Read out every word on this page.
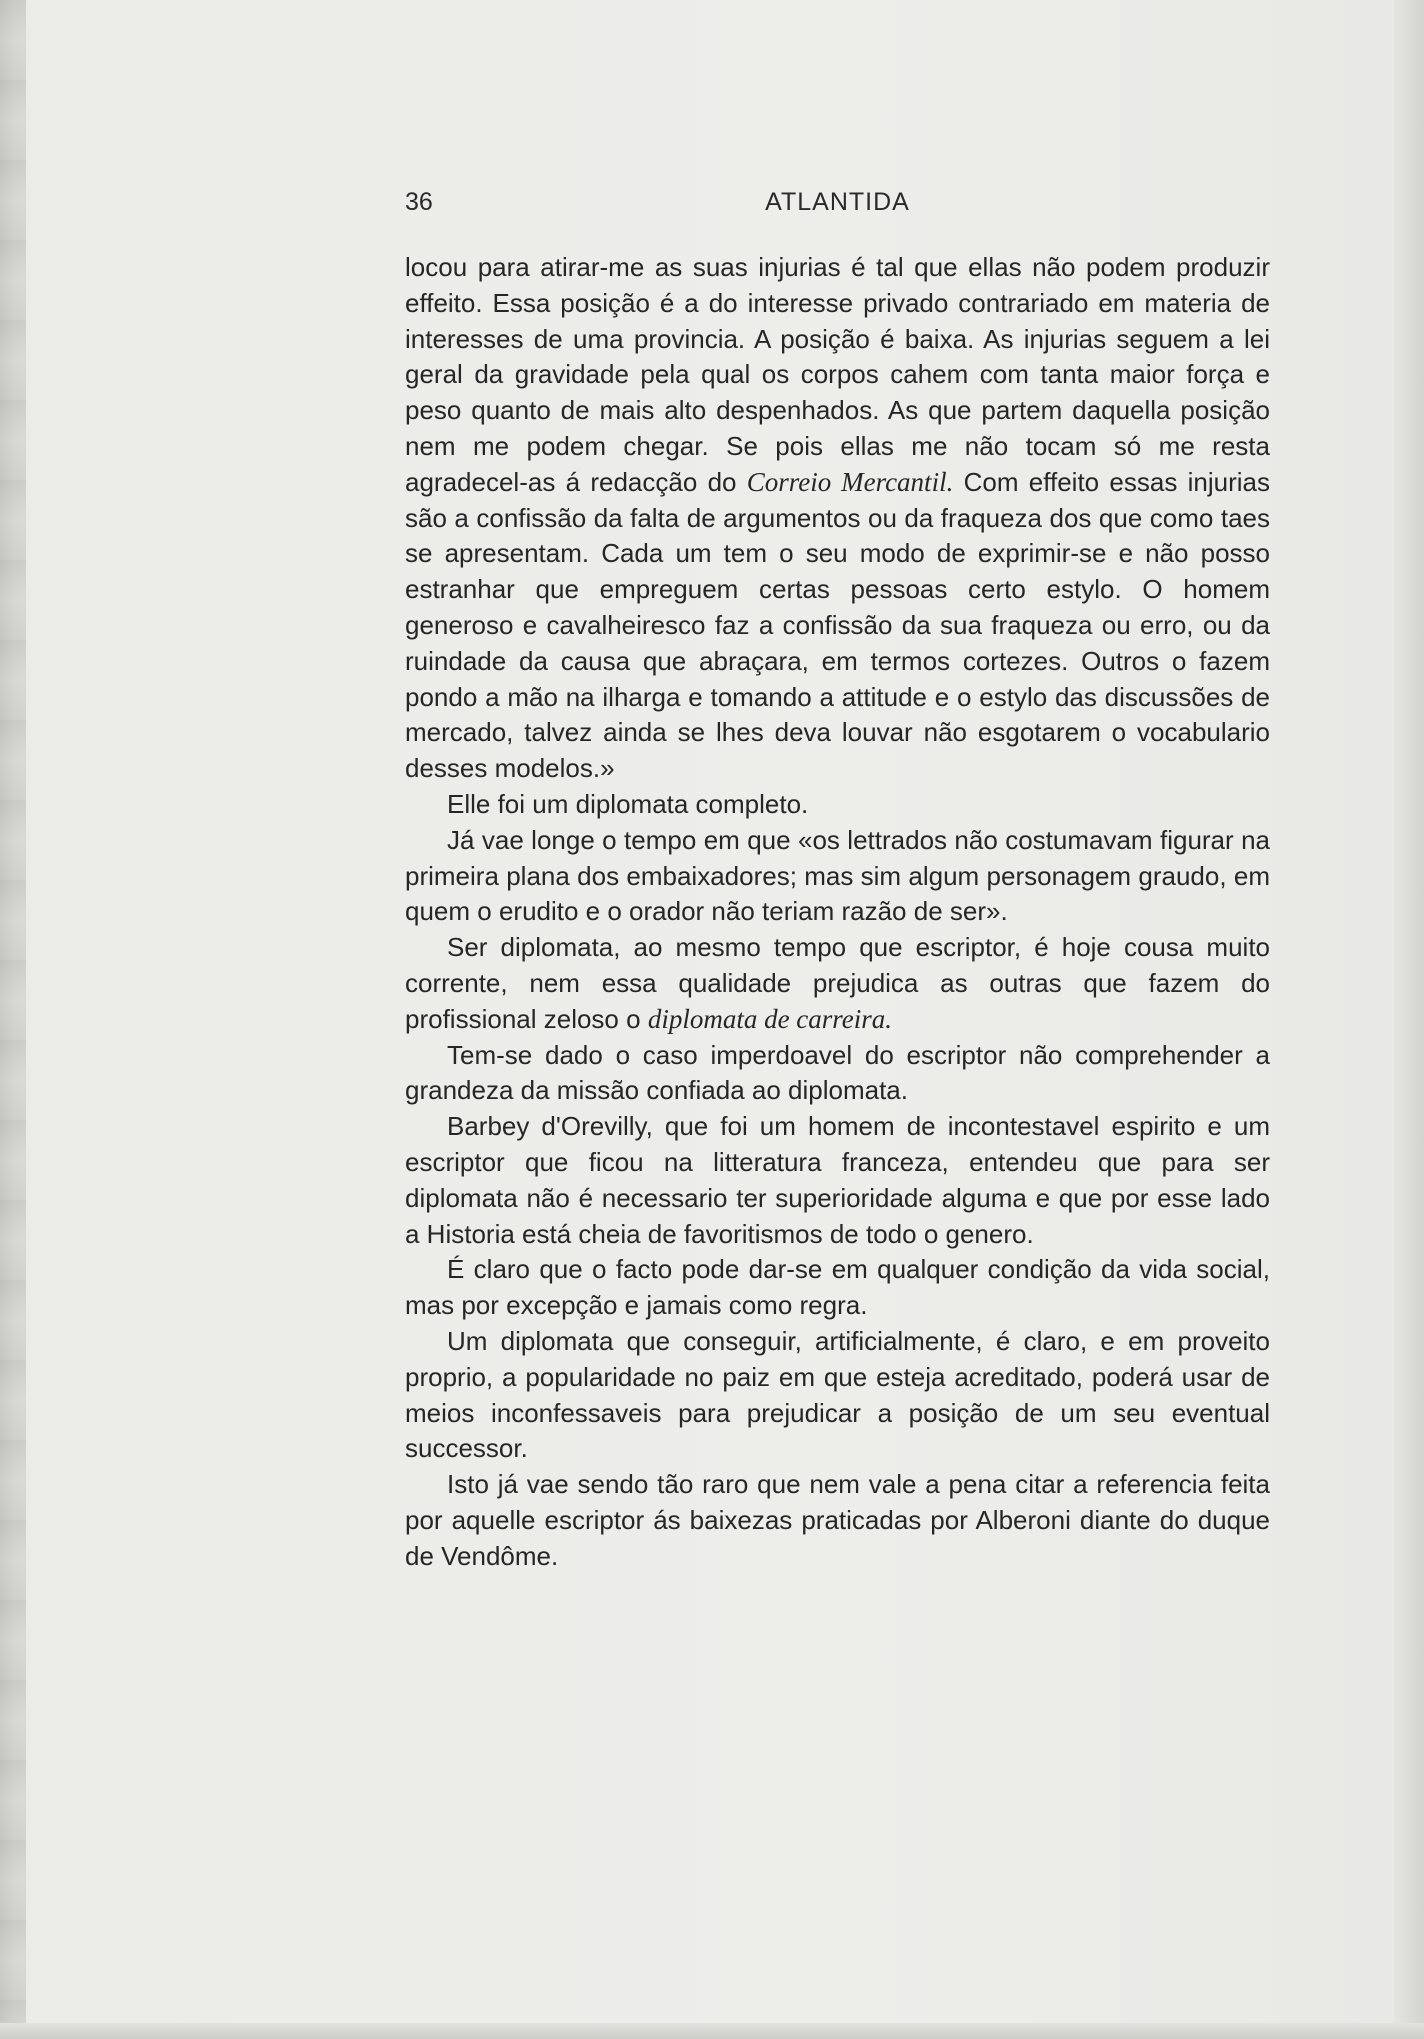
36	ATLANTIDA

locou para atirar-me as suas injurias é tal que ellas não podem produzir effeito. Essa posição é a do interesse privado contrariado em materia de interesses de uma provincia. A posição é baixa. As injurias seguem a lei geral da gravidade pela qual os corpos cahem com tanta maior força e peso quanto de mais alto despenhados. As que partem daquella posição nem me podem chegar. Se pois ellas me não tocam só me resta agradecel-as á redacção do Correio Mercantil. Com effeito essas injurias são a confissão da falta de argumentos ou da fraqueza dos que como taes se apresentam. Cada um tem o seu modo de exprimir-se e não posso estranhar que empreguem certas pessoas certo estylo. O homem generoso e cavalheiresco faz a confissão da sua fraqueza ou erro, ou da ruindade da causa que abraçara, em termos cortezes. Outros o fazem pondo a mão na ilharga e tomando a attitude e o estylo das discussões de mercado, talvez ainda se lhes deva louvar não esgotarem o vocabulario desses modelos.»

Elle foi um diplomata completo.

Já vae longe o tempo em que «os lettrados não costumavam figurar na primeira plana dos embaixadores; mas sim algum personagem graudo, em quem o erudito e o orador não teriam razão de ser».

Ser diplomata, ao mesmo tempo que escriptor, é hoje cousa muito corrente, nem essa qualidade prejudica as outras que fazem do profissional zeloso o diplomata de carreira.

Tem-se dado o caso imperdoavel do escriptor não comprehender a grandeza da missão confiada ao diplomata.

Barbey d'Orevilly, que foi um homem de incontestavel espirito e um escriptor que ficou na litteratura franceza, entendeu que para ser diplomata não é necessario ter superioridade alguma e que por esse lado a Historia está cheia de favoritismos de todo o genero.

É claro que o facto pode dar-se em qualquer condição da vida social, mas por excepção e jamais como regra.

Um diplomata que conseguir, artificialmente, é claro, e em proveito proprio, a popularidade no paiz em que esteja acreditado, poderá usar de meios inconfessaveis para prejudicar a posição de um seu eventual successor.

Isto já vae sendo tão raro que nem vale a pena citar a referencia feita por aquelle escriptor ás baixezas praticadas por Alberoni diante do duque de Vendôme.
